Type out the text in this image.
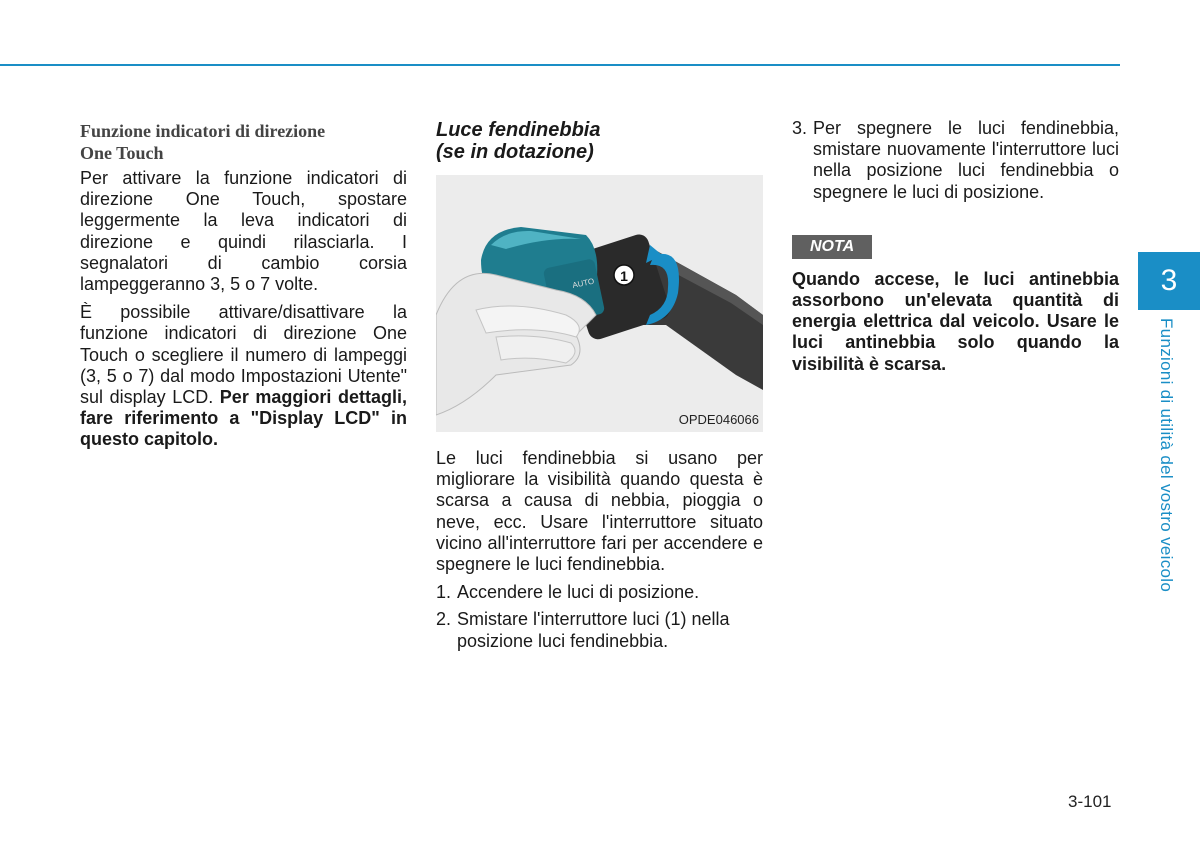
Funzione indicatori di direzione
One Touch

Per attivare la funzione indicatori di direzione One Touch, spostare leggermente la leva indicatori di direzione e quindi rilasciarla. I segnalatori di cambio corsia lampeggeranno 3, 5 o 7 volte.

È possibile attivare/disattivare la funzione indicatori di direzione One Touch o scegliere il numero di lampeggi (3, 5 o 7) dal modo Impostazioni Utente" sul display LCD. Per maggiori dettagli, fare riferimento a "Display LCD" in questo capitolo.

Luce fendinebbia
(se in dotazione)
1
AUTO
OPDE046066

Le luci fendinebbia si usano per migliorare la visibilità quando questa è scarsa a causa di nebbia, pioggia o neve, ecc. Usare l'interruttore situato vicino all'interruttore fari per accendere e spegnere le luci fendinebbia.

1. Accendere le luci di posizione.
2. Smistare l'interruttore luci (1) nella posizione luci fendinebbia.
3. Per spegnere le luci fendinebbia, smistare nuovamente l'interruttore luci nella posizione luci fendinebbia o spegnere le luci di posizione.
NOTA

Quando accese, le luci antinebbia assorbono un'elevata quantità di energia elettrica dal veicolo. Usare le luci antinebbia solo quando la visibilità è scarsa.

3
Funzioni di utilità del vostro veicolo
3-101
